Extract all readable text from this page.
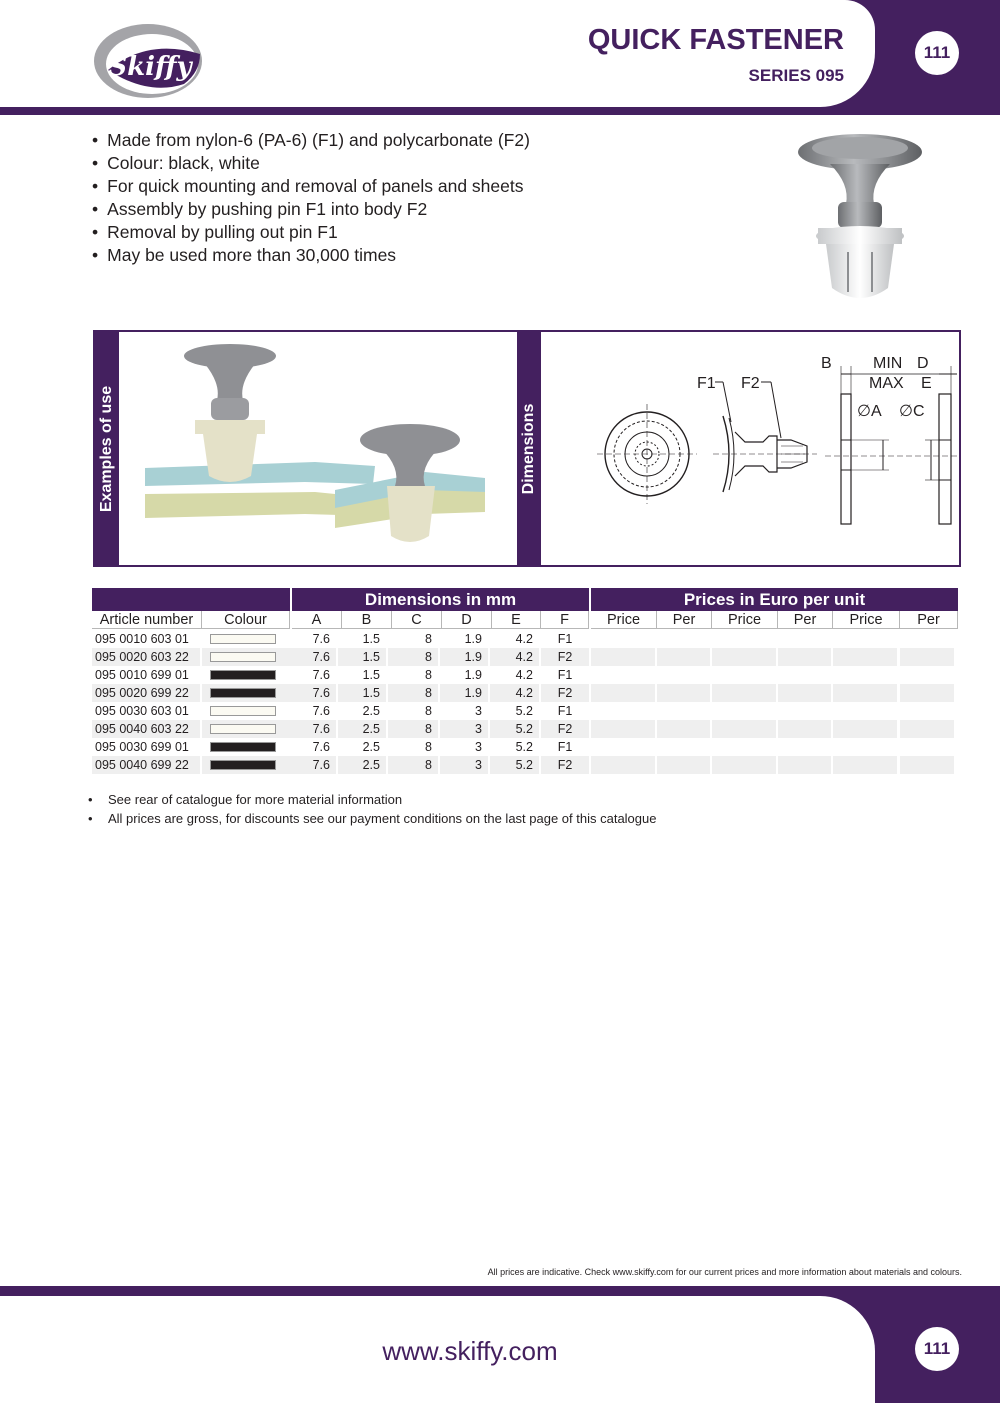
Skiffy
QUICK FASTENER
SERIES 095
111
• Made from nylon-6 (PA-6) (F1) and polycarbonate (F2)
• Colour: black, white
• For quick mounting and removal of panels and sheets
• Assembly by pushing pin F1 into body F2
• Removal by pulling out pin F1
• May be used more than 30,000 times
Examples of use	Dimensions
F1 F2
B	MIN D
MAX E
∅A ∅C
Dimensions in mm	Prices in Euro per unit
Article number	Colour	A	B	C	D	E	F	Price	Per	Price	Per	Price	Per
095 0010 603 01	7.6	1.5	8	1.9	4.2	F1
095 0020 603 22	7.6	1.5	8	1.9	4.2	F2
095 0010 699 01	7.6	1.5	8	1.9	4.2	F1
095 0020 699 22	7.6	1.5	8	1.9	4.2	F2
095 0030 603 01	7.6	2.5	8	3	5.2	F1
095 0040 603 22	7.6	2.5	8	3	5.2	F2
095 0030 699 01	7.6	2.5	8	3	5.2	F1
095 0040 699 22	7.6	2.5	8	3	5.2	F2
• See rear of catalogue for more material information
• All prices are gross, for discounts see our payment conditions on the last page of this catalogue
All prices are indicative. Check www.skiffy.com for our current prices and more information about materials and colours.
www.skiffy.com	111
